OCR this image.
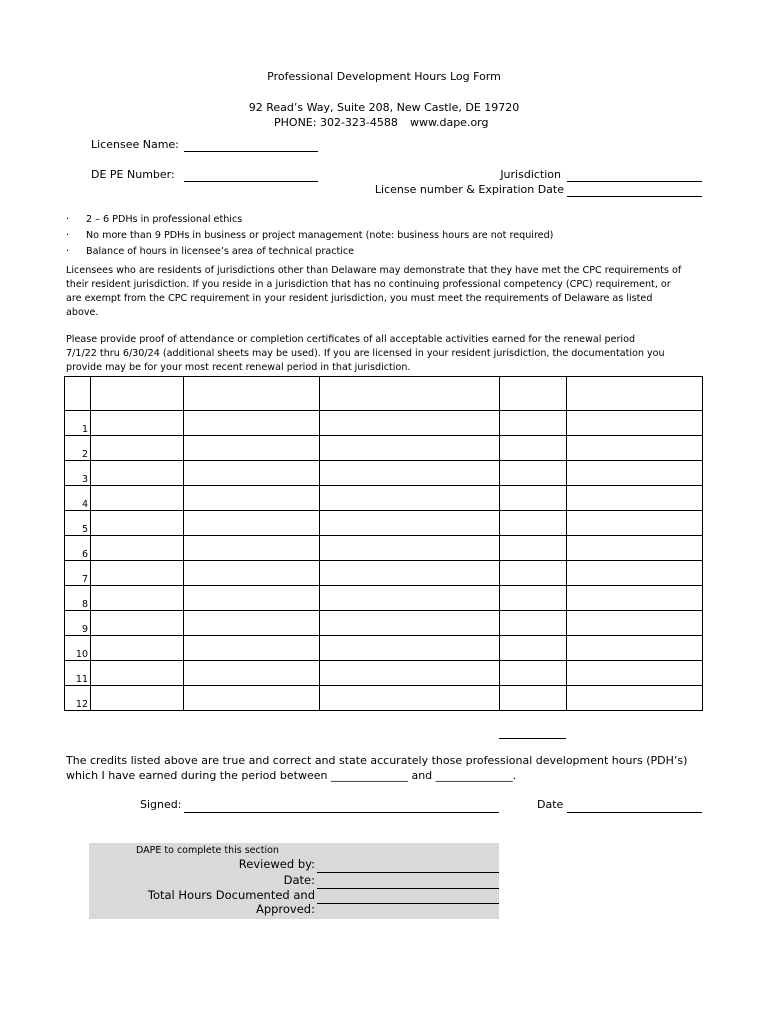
Professional Development Hours Log Form
92 Read’s Way, Suite 208, New Castle, DE 19720
PHONE: 302-323-4588 www.dape.org
Licensee Name:
DE PE Number:	Jurisdiction
License number & Expiration Date
·	2 – 6 PDHs in professional ethics
·	No more than 9 PDHs in business or project management (note: business hours are not required)
·	Balance of hours in licensee’s area of technical practice
Licensees who are residents of jurisdictions other than Delaware may demonstrate that they have met the CPC requirements of
their resident jurisdiction. If you reside in a jurisdiction that has no continuing professional competency (CPC) requirement, or
are exempt from the CPC requirement in your resident jurisdiction, you must meet the requirements of Delaware as listed
above.
Please provide proof of attendance or completion certificates of all acceptable activities earned for the renewal period
7/1/22 thru 6/30/24 (additional sheets may be used). If you are licensed in your resident jurisdiction, the documentation you
provide may be for your most recent renewal period in that jurisdiction.

1					
2					
3					
4					
5					
6					
7					
8					
9					
10					
11					
12					
The credits listed above are true and correct and state accurately those professional development hours (PDH’s)
which I have earned during the period between ______________ and ______________.
Signed:	Date
DAPE to complete this section
Reviewed by:
Date:
Total Hours Documented and Approved:
